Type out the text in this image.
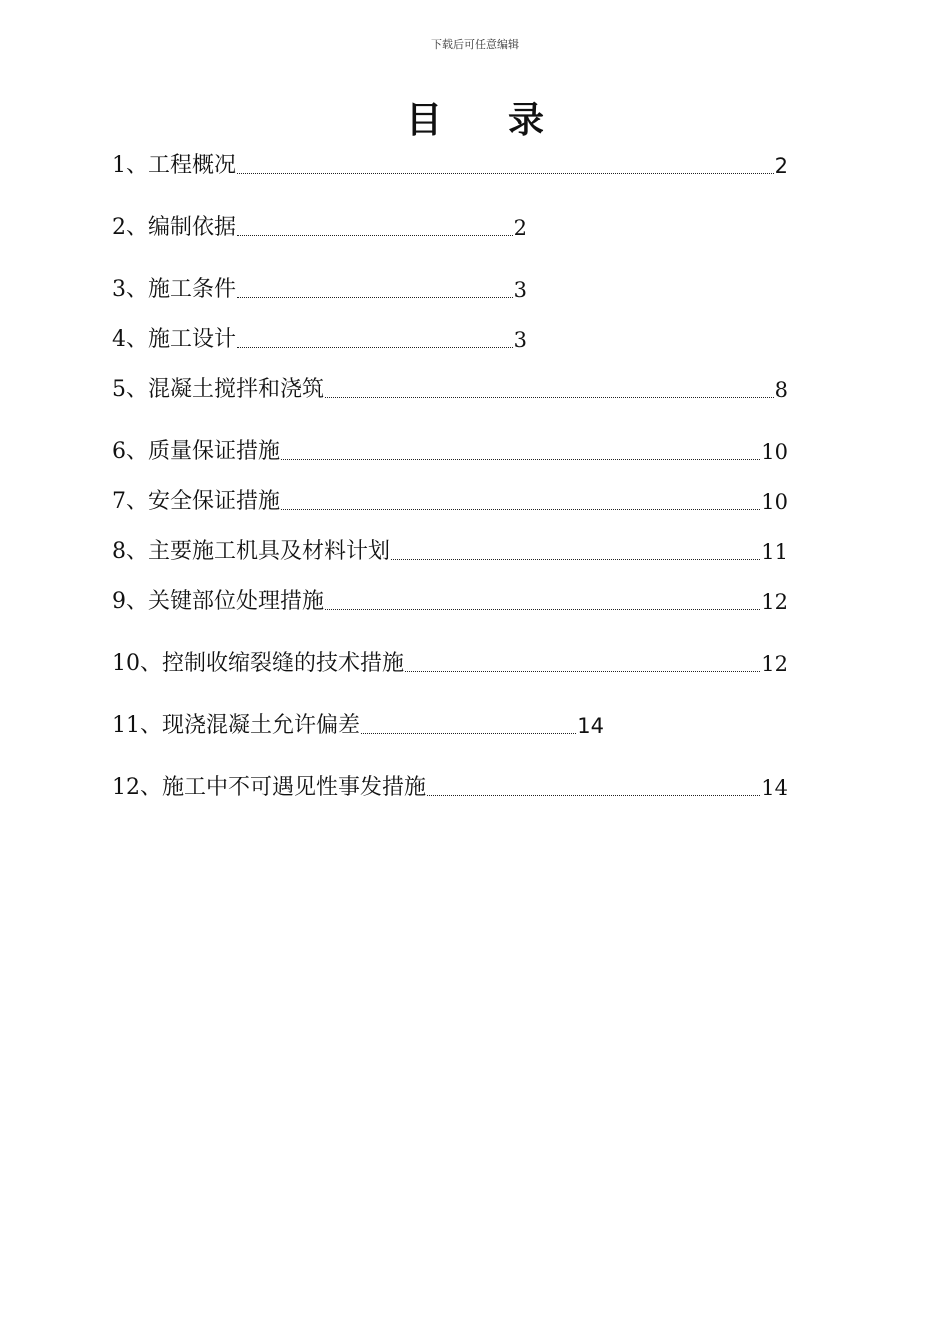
下载后可任意编辑
目 录
1、工程概况	2
2、编制依据	2
3、施工条件	3
4、施工设计	3
5、混凝土搅拌和浇筑	8
6、质量保证措施	10
7、安全保证措施	10
8、主要施工机具及材料计划	11
9、关键部位处理措施	12
10、控制收缩裂缝的技术措施	12
11、现浇混凝土允许偏差	14
12、施工中不可遇见性事发措施	14
